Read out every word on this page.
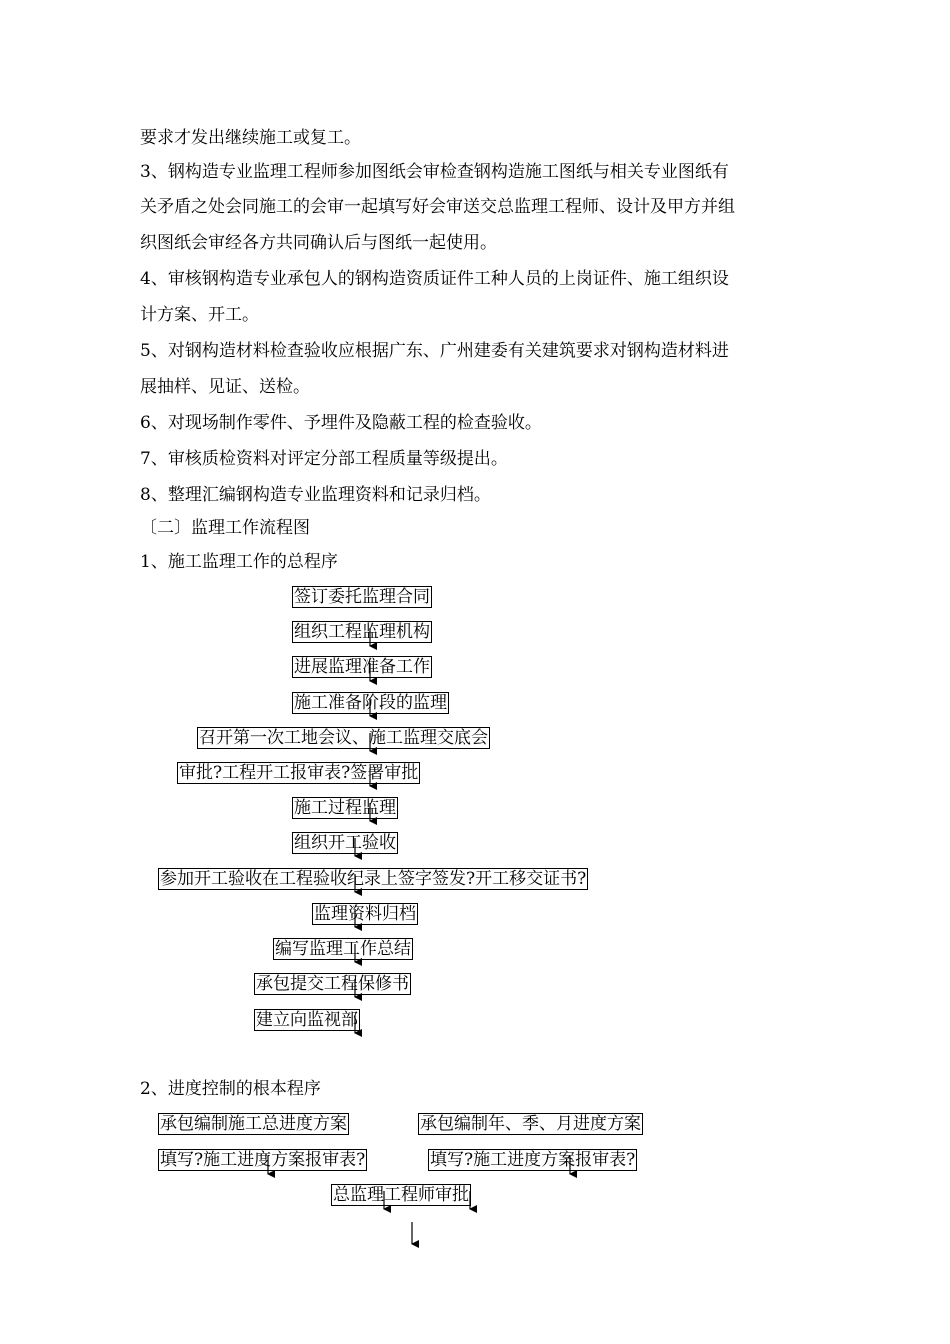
要求才发出继续施工或复工。

3、钢构造专业监理工程师参加图纸会审检查钢构造施工图纸与相关专业图纸有

关矛盾之处会同施工的会审一起填写好会审送交总监理工程师、设计及甲方并组

织图纸会审经各方共同确认后与图纸一起使用。

4、审核钢构造专业承包人的钢构造资质证件工种人员的上岗证件、施工组织设

计方案、开工。

5、对钢构造材料检查验收应根据广东、广州建委有关建筑要求对钢构造材料进

展抽样、见证、送检。

6、对现场制作零件、予埋件及隐蔽工程的检查验收。

7、审核质检资料对评定分部工程质量等级提出。

8、整理汇编钢构造专业监理资料和记录归档。

〔二〕监理工作流程图

1、施工监理工作的总程序

签订委托监理合同
组织工程监理机构
进展监理准备工作
施工准备阶段的监理
召开第一次工地会议、施工监理交底会
审批?工程开工报审表?签署审批
施工过程监理
组织开工验收
参加开工验收在工程验收纪录上签字签发?开工移交证书?
监理资料归档
编写监理工作总结
承包提交工程保修书
建立向监视部

2、进度控制的根本程序

承包编制施工总进度方案	承包编制年、季、月进度方案
填写?施工进度方案报审表?	填写?施工进度方案报审表?
总监理工程师审批
